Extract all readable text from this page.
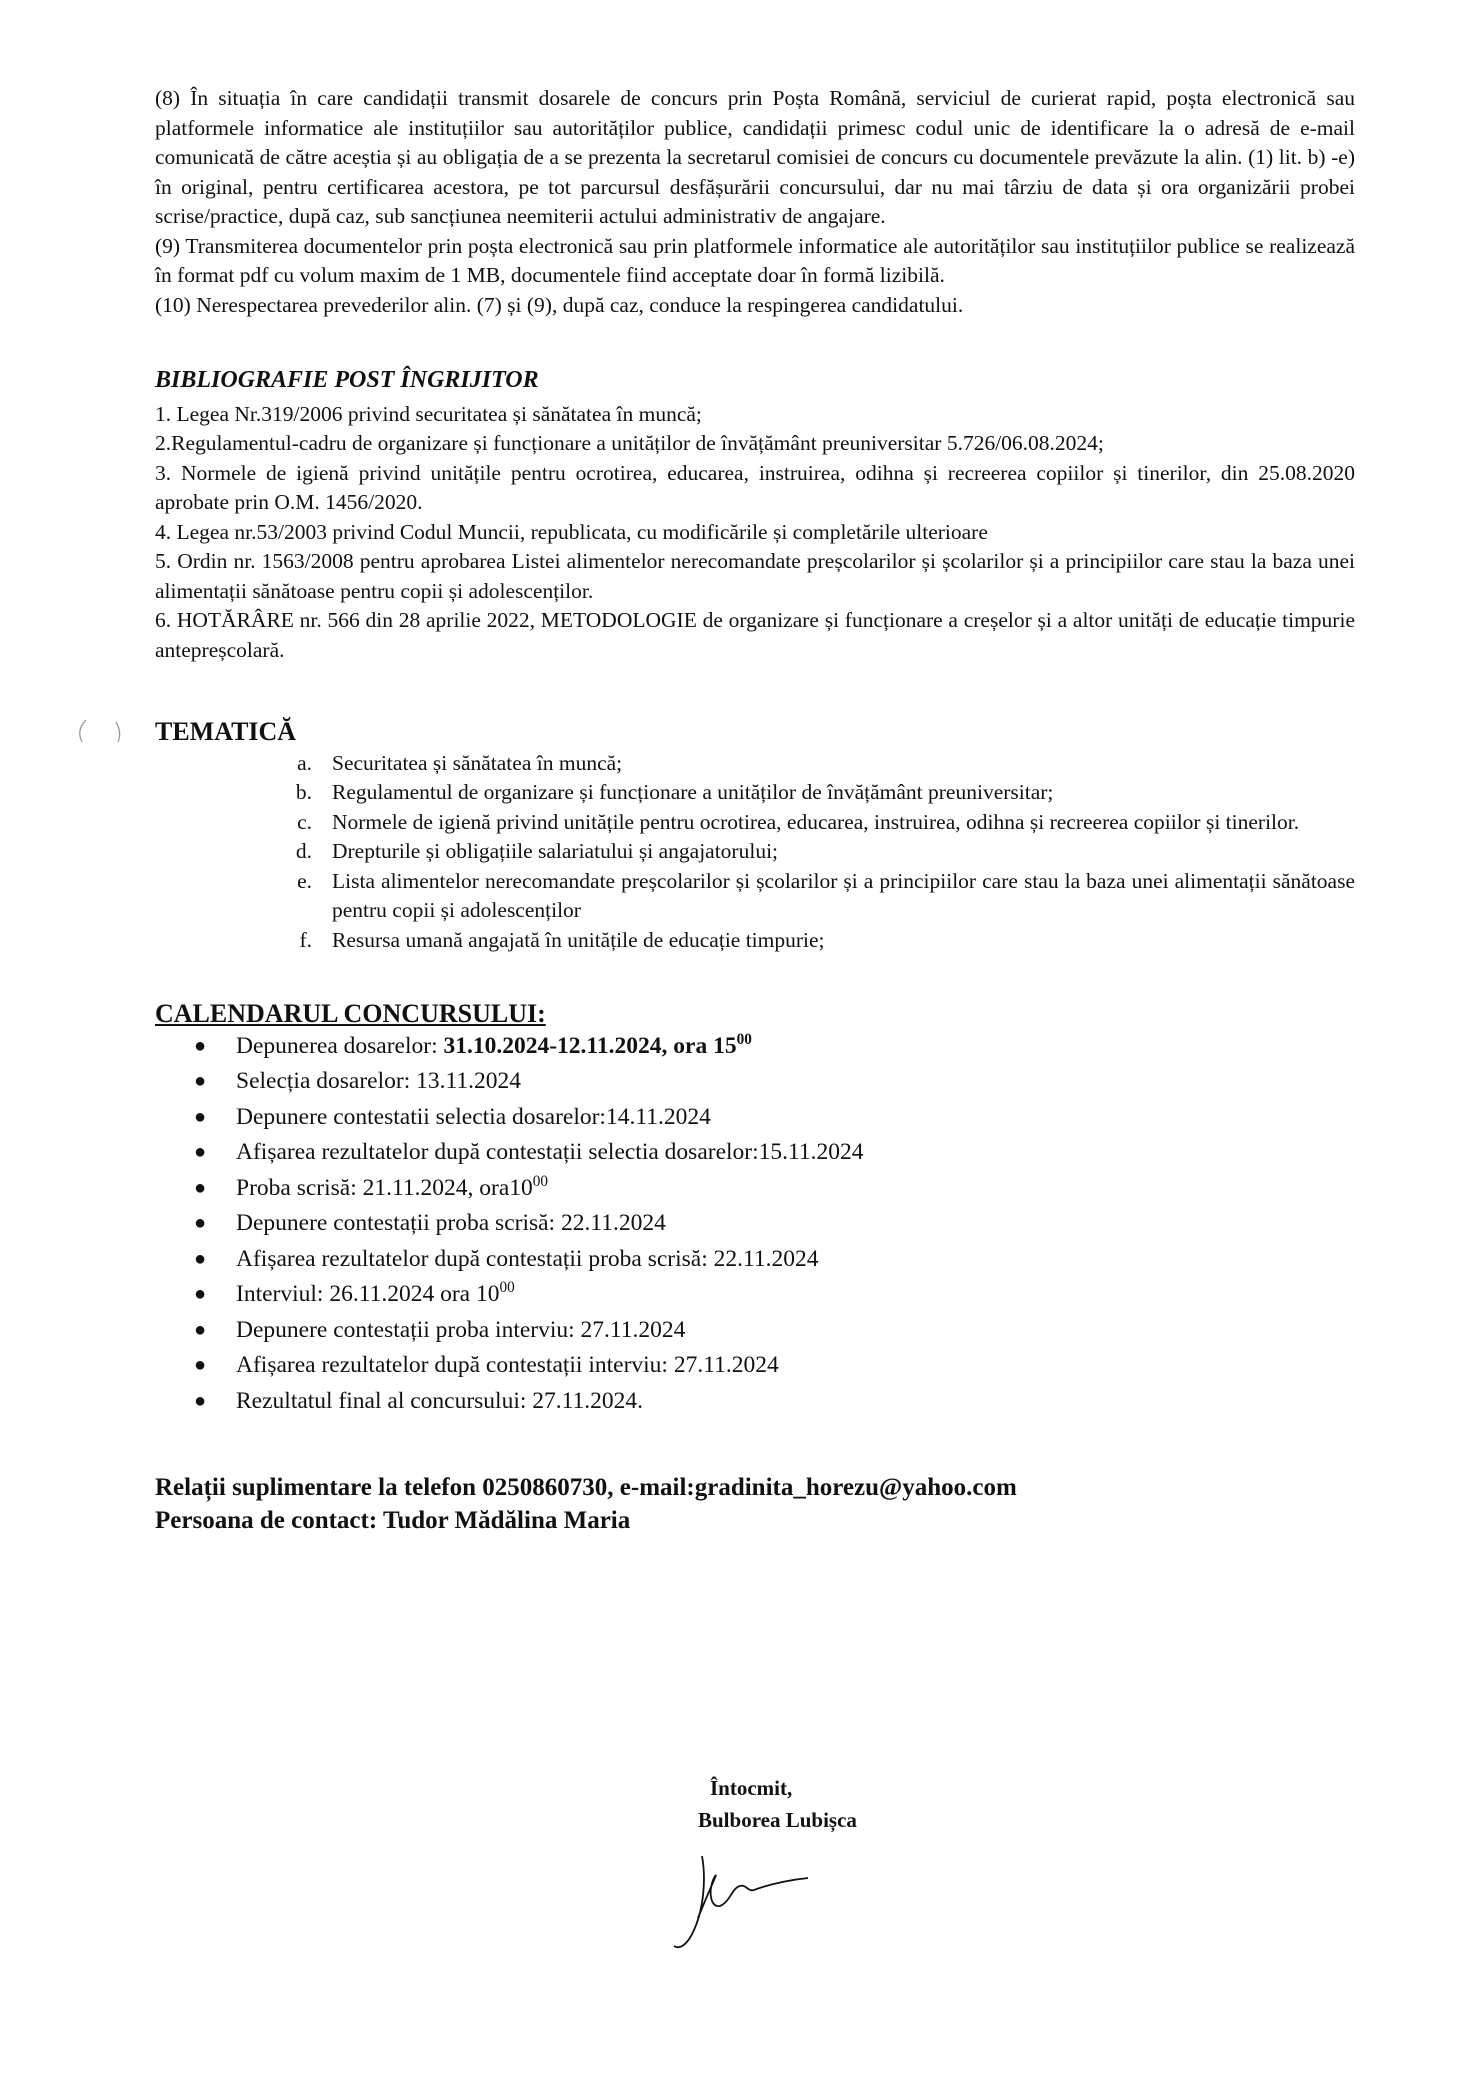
(8) În situația în care candidații transmit dosarele de concurs prin Poșta Română, serviciul de curierat rapid, poșta electronică sau platformele informatice ale instituțiilor sau autorităților publice, candidații primesc codul unic de identificare la o adresă de e-mail comunicată de către aceștia și au obligația de a se prezenta la secretarul comisiei de concurs cu documentele prevăzute la alin. (1) lit. b) -e) în original, pentru certificarea acestora, pe tot parcursul desfășurării concursului, dar nu mai târziu de data și ora organizării probei scrise/practice, după caz, sub sancțiunea neemiterii actului administrativ de angajare.

(9) Transmiterea documentelor prin poșta electronică sau prin platformele informatice ale autorităților sau instituțiilor publice se realizează în format pdf cu volum maxim de 1 MB, documentele fiind acceptate doar în formă lizibilă.

(10) Nerespectarea prevederilor alin. (7) și (9), după caz, conduce la respingerea candidatului.

BIBLIOGRAFIE POST ÎNGRIJITOR

1. Legea Nr.319/2006 privind securitatea și sănătatea în muncă;

2.Regulamentul-cadru de organizare și funcționare a unităților de învățământ preuniversitar 5.726/06.08.2024;

3. Normele de igienă privind unitățile pentru ocrotirea, educarea, instruirea, odihna și recreerea copiilor și tinerilor, din 25.08.2020 aprobate prin O.M. 1456/2020.

4. Legea nr.53/2003 privind Codul Muncii, republicata, cu modificările și completările ulterioare

5. Ordin nr. 1563/2008 pentru aprobarea Listei alimentelor nerecomandate preșcolarilor și școlarilor și a principiilor care stau la baza unei alimentații sănătoase pentru copii și adolescenților.

6. HOTĂRÂRE nr. 566 din 28 aprilie 2022, METODOLOGIE de organizare și funcționare a creșelor și a altor unități de educație timpurie antepreșcolară.

TEMATICĂ
a. Securitatea și sănătatea în muncă;
b. Regulamentul de organizare și funcționare a unităților de învățământ preuniversitar;
c. Normele de igienă privind unitățile pentru ocrotirea, educarea, instruirea, odihna și recreerea copiilor și tinerilor.
d. Drepturile și obligațiile salariatului și angajatorului;
e. Lista alimentelor nerecomandate preșcolarilor și școlarilor și a principiilor care stau la baza unei alimentații sănătoase pentru copii și adolescenților
f. Resursa umană angajată în unitățile de educație timpurie;
CALENDARUL CONCURSULUI:
●	Depunerea dosarelor: 31.10.2024-12.11.2024, ora $15^{00}$
●	Selecția dosarelor: 13.11.2024
●	Depunere contestatii selectia dosarelor:14.11.2024
●	Afișarea rezultatelor după contestații selectia dosarelor:15.11.2024
●	Proba scrisă: 21.11.2024, $ora10^{00}$
●	Depunere contestații proba scrisă: 22.11.2024
●	Afișarea rezultatelor după contestații proba scrisă: 22.11.2024
●	Interviul: 26.11.2024 ora $10^{00}$
●	Depunere contestații proba interviu: 27.11.2024
●	Afișarea rezultatelor după contestații interviu: 27.11.2024
●	Rezultatul final al concursului: 27.11.2024.
Relații suplimentare la telefon 0250860730, e-mail:gradinita_horezu@yahoo.com
Persoana de contact: Tudor Mădălina Maria
Întocmit,
Bulborea Lubișca
